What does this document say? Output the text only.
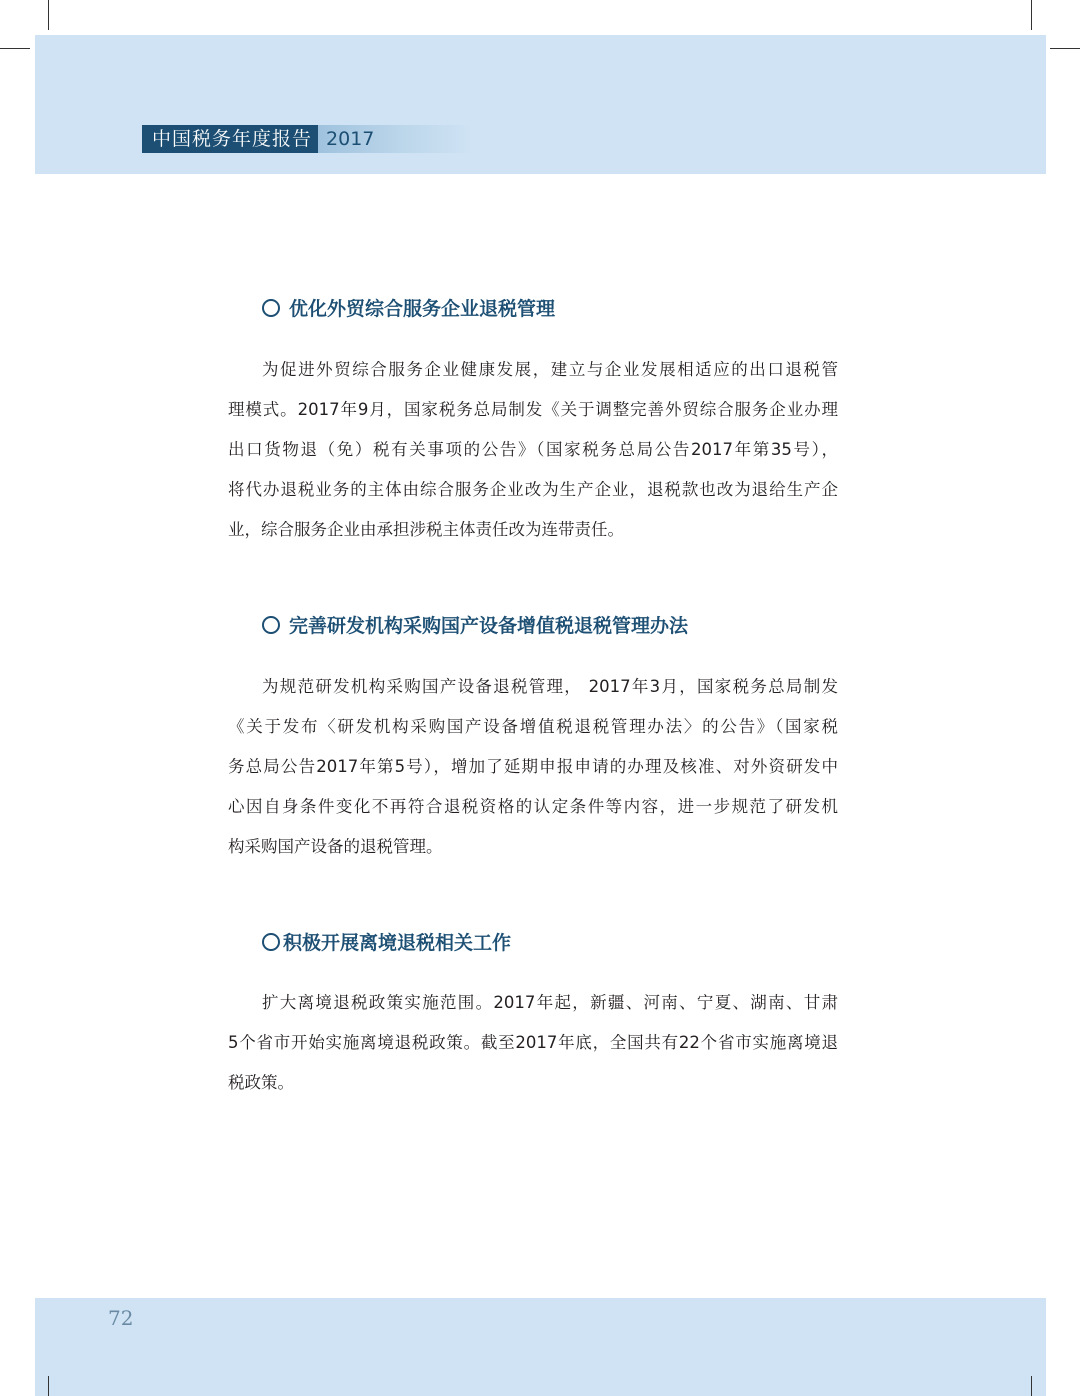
中国税务年度报告 2017
优化外贸综合服务企业退税管理
为促进外贸综合服务企业健康发展，建立与企业发展相适应的出口退税管
理模式。2017年9月，国家税务总局制发《关于调整完善外贸综合服务企业办理
出口货物退（免）税有关事项的公告》（国家税务总局公告2017年第35号），
将代办退税业务的主体由综合服务企业改为生产企业，退税款也改为退给生产企
业，综合服务企业由承担涉税主体责任改为连带责任。
完善研发机构采购国产设备增值税退税管理办法
为规范研发机构采购国产设备退税管理， 2017年3月，国家税务总局制发
《关于发布〈研发机构采购国产设备增值税退税管理办法〉的公告》（国家税
务总局公告2017年第5号），增加了延期申报申请的办理及核准、对外资研发中
心因自身条件变化不再符合退税资格的认定条件等内容，进一步规范了研发机
构采购国产设备的退税管理。
积极开展离境退税相关工作
扩大离境退税政策实施范围。2017年起，新疆、河南、宁夏、湖南、甘肃
5个省市开始实施离境退税政策。截至2017年底，全国共有22个省市实施离境退
税政策。
72
